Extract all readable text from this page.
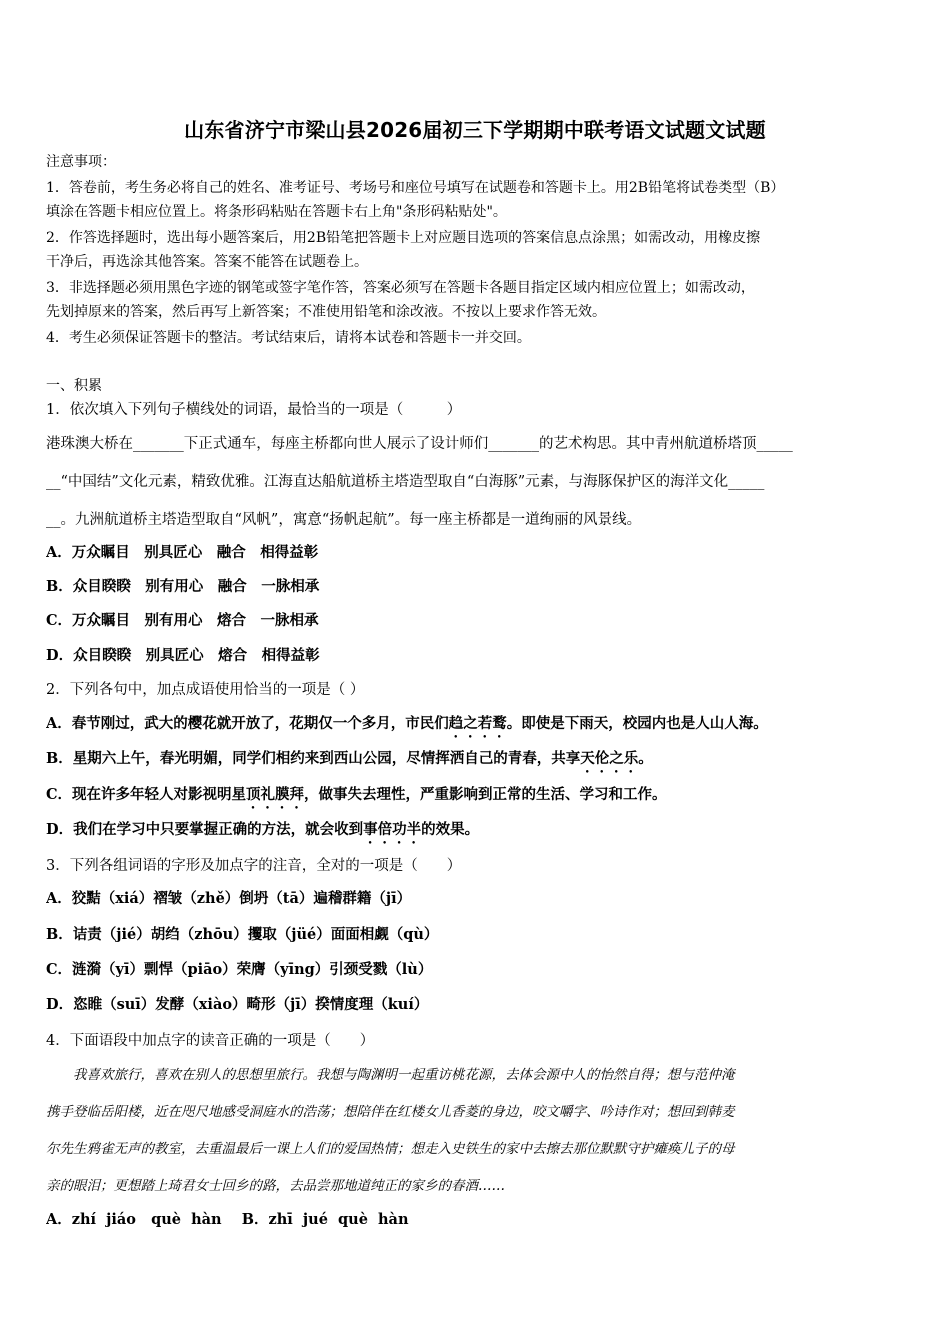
山东省济宁市梁山县2026届初三下学期期中联考语文试题文试题
注意事项：
1．答卷前，考生务必将自己的姓名、准考证号、考场号和座位号填写在试题卷和答题卡上。用2B铅笔将试卷类型（B）
填涂在答题卡相应位置上。将条形码粘贴在答题卡右上角"条形码粘贴处"。
2．作答选择题时，选出每小题答案后，用2B铅笔把答题卡上对应题目选项的答案信息点涂黑；如需改动，用橡皮擦
干净后，再选涂其他答案。答案不能答在试题卷上。
3．非选择题必须用黑色字迹的钢笔或签字笔作答，答案必须写在答题卡各题目指定区域内相应位置上；如需改动，
先划掉原来的答案，然后再写上新答案；不准使用铅笔和涂改液。不按以上要求作答无效。
4．考生必须保证答题卡的整洁。考试结束后，请将本试卷和答题卡一并交回。
一、积累
1．依次填入下列句子横线处的词语，最恰当的一项是（　　　）
港珠澳大桥在_______下正式通车，每座主桥都向世人展示了设计师们_______的艺术构思。其中青州航道桥塔顶_____
__“中国结”文化元素，精致优雅。江海直达船航道桥主塔造型取自“白海豚”元素，与海豚保护区的海洋文化_____
__。九洲航道桥主塔造型取自“风帆”，寓意“扬帆起航”。每一座主桥都是一道绚丽的风景线。
A．万众瞩目　别具匠心　融合　相得益彰
B．众目睽睽　别有用心　融合　一脉相承
C．万众瞩目　别有用心　熔合　一脉相承
D．众目睽睽　别具匠心　熔合　相得益彰
2．下列各句中，加点成语使用恰当的一项是（ ）
A．春节刚过，武大的樱花就开放了，花期仅一个多月，市民们趋之若鹜。即使是下雨天，校园内也是人山人海。
B．星期六上午，春光明媚，同学们相约来到西山公园，尽情挥洒自己的青春，共享天伦之乐。
C．现在许多年轻人对影视明星顶礼膜拜，做事失去理性，严重影响到正常的生活、学习和工作。
D．我们在学习中只要掌握正确的方法，就会收到事倍功半的效果。
3．下列各组词语的字形及加点字的注音，全对的一项是（　　）
A．狡黠（xiá）褶皱（zhě）倒坍（tā）遍稽群籍（jī）
B．诘责（jié）胡绉（zhōu）攫取（jüé）面面相觑（qù）
C．涟漪（yī）剽悍（piāo）荣膺（yīng）引颈受戮（lù）
D．恣睢（suī）发酵（xiào）畸形（jī）揆情度理（kuí）
4．下面语段中加点字的读音正确的一项是（　　）
　　我喜欢旅行，喜欢在别人的思想里旅行。我想与陶渊明一起重访桃花源，去体会源中人的怡然自得；想与范仲淹
携手登临岳阳楼，近在咫尺地感受洞庭水的浩荡；想陪伴在红楼女儿香菱的身边，咬文嚼字、吟诗作对；想回到韩麦
尔先生鸦雀无声的教室，去重温最后一课上人们的爱国热情；想走入史铁生的家中去擦去那位默默守护瘫痪儿子的母
亲的眼泪；更想踏上琦君女士回乡的路，去品尝那地道纯正的家乡的春酒……
A．zhí  jiáo   què  hàn    B．zhī  jué  què  hàn
